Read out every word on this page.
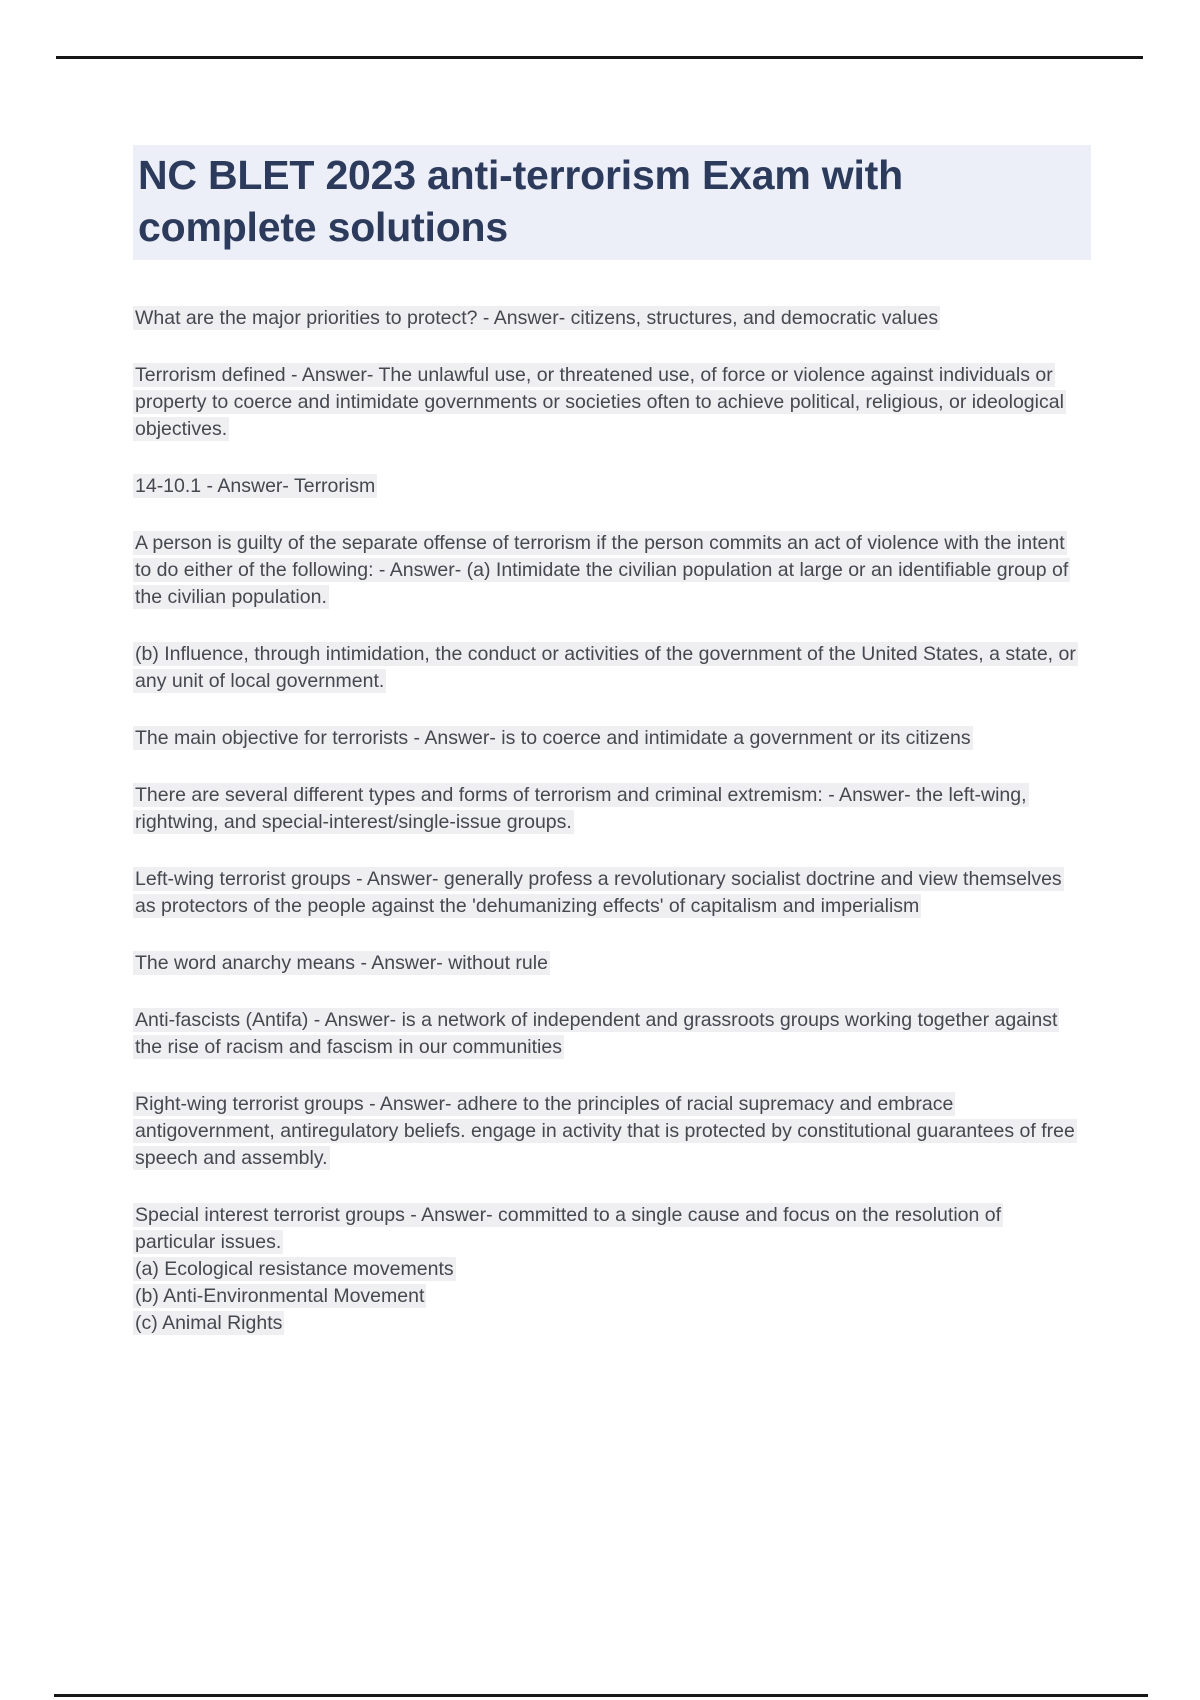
NC BLET 2023 anti-terrorism Exam with complete solutions

What are the major priorities to protect? - Answer- citizens, structures, and democratic values

Terrorism defined - Answer- The unlawful use, or threatened use, of force or violence against individuals or property to coerce and intimidate governments or societies often to achieve political, religious, or ideological objectives.

14-10.1 - Answer- Terrorism

A person is guilty of the separate offense of terrorism if the person commits an act of violence with the intent to do either of the following: - Answer- (a) Intimidate the civilian population at large or an identifiable group of the civilian population.

(b) Influence, through intimidation, the conduct or activities of the government of the United States, a state, or any unit of local government.

The main objective for terrorists - Answer- is to coerce and intimidate a government or its citizens

There are several different types and forms of terrorism and criminal extremism: - Answer- the left-wing, rightwing, and special-interest/single-issue groups.

Left-wing terrorist groups - Answer- generally profess a revolutionary socialist doctrine and view themselves as protectors of the people against the 'dehumanizing effects' of capitalism and imperialism

The word anarchy means - Answer- without rule

Anti-fascists (Antifa) - Answer- is a network of independent and grassroots groups working together against the rise of racism and fascism in our communities

Right-wing terrorist groups - Answer- adhere to the principles of racial supremacy and embrace antigovernment, antiregulatory beliefs. engage in activity that is protected by constitutional guarantees of free speech and assembly.

Special interest terrorist groups - Answer- committed to a single cause and focus on the resolution of particular issues.

(a) Ecological resistance movements

(b) Anti-Environmental Movement

(c) Animal Rights
